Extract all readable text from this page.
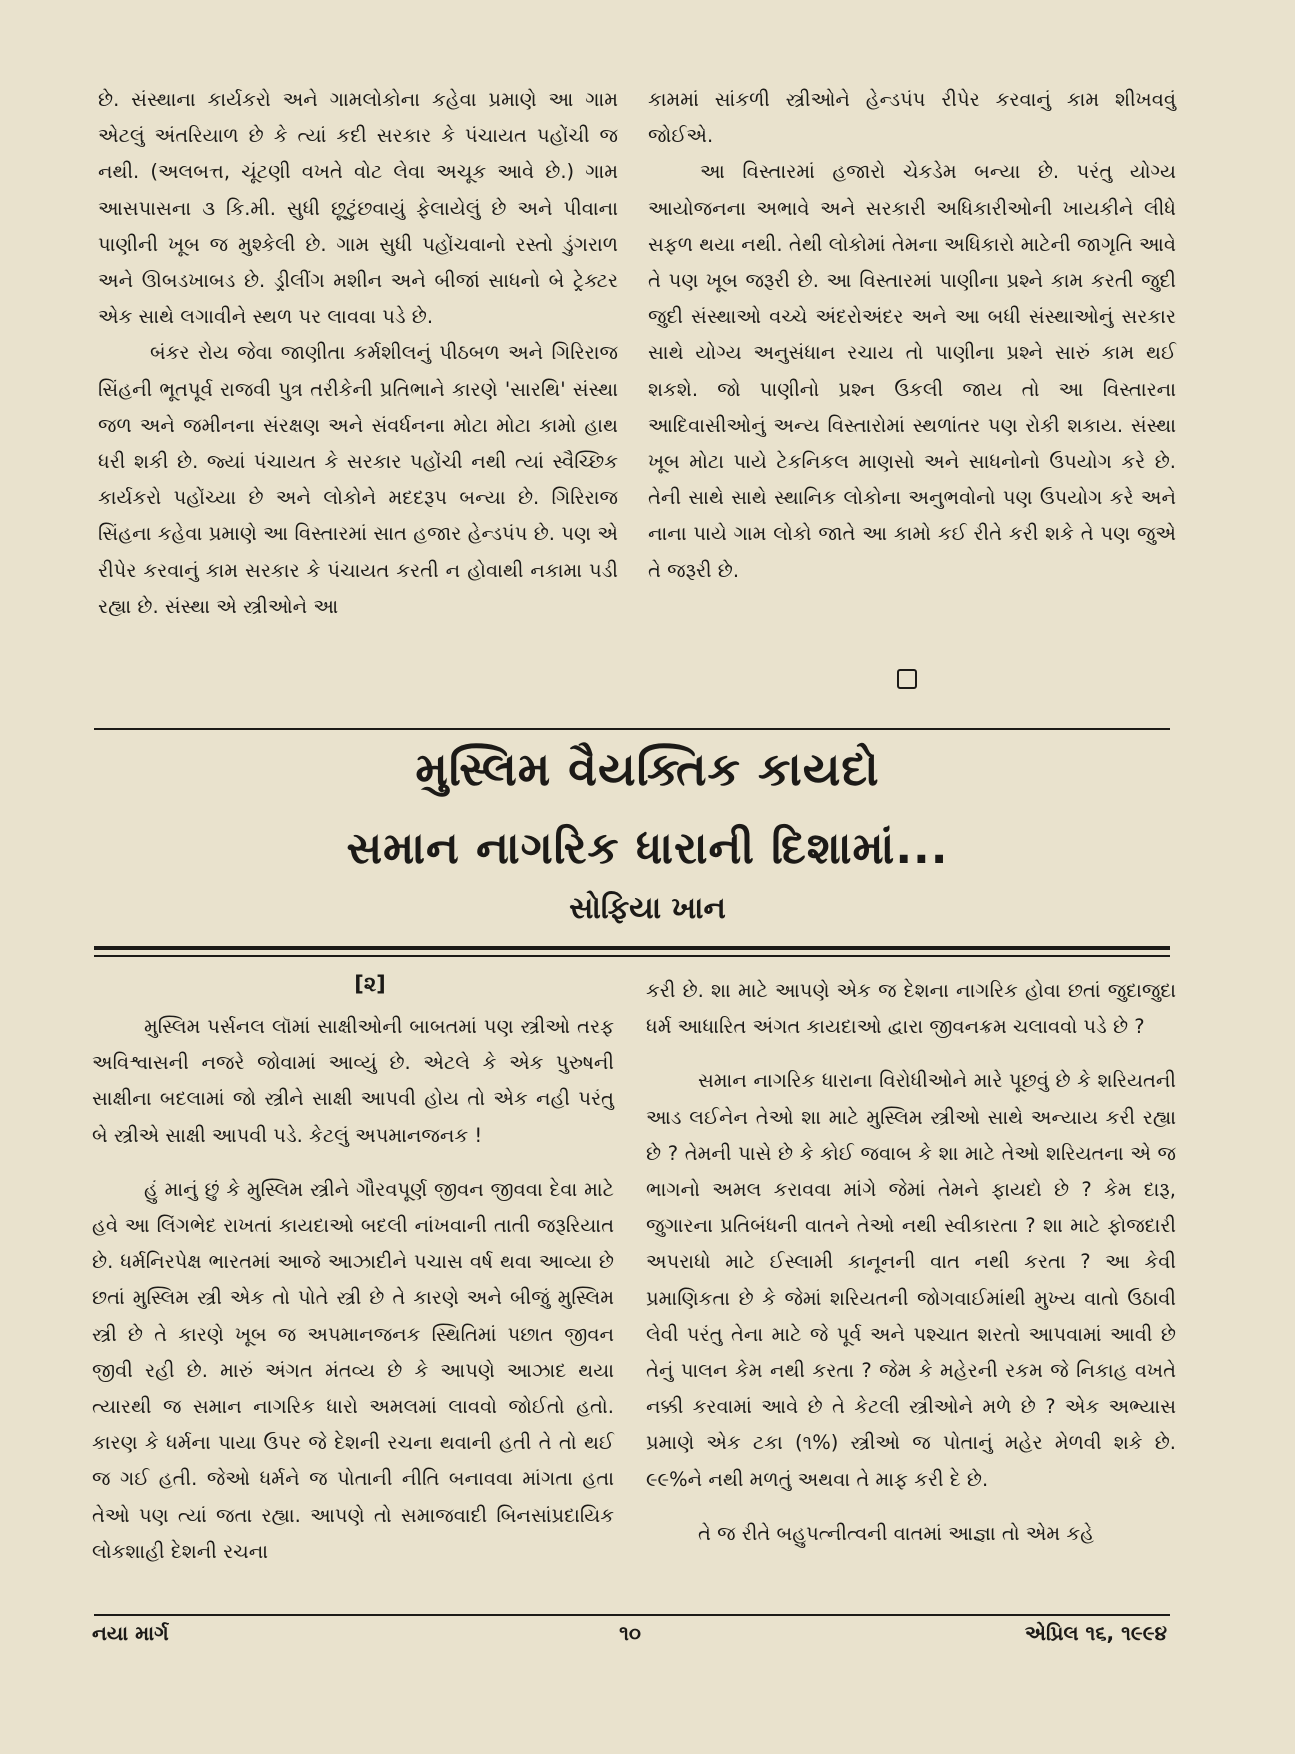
છે. સંસ્થાના કાર્યકરો અને ગામલોકોના કહેવા પ્રમાણે આ ગામ એટલું અંતરિયાળ છે કે ત્યાં કદી સરકાર કે પંચાયત પહોંચી જ નથી. (અલબત્ત, ચૂંટણી વખતે વોટ લેવા અચૂક આવે છે.) ગામ આસપાસના ૩ કિ.મી. સુધી છૂટુંછવાયું ફેલાયેલું છે અને પીવાના પાણીની ખૂબ જ મુશ્કેલી છે. ગામ સુધી પહોંચવાનો રસ્તો ડુંગરાળ અને ઊબડખાબડ છે. ડ્રીલીંગ મશીન અને બીજાં સાધનો બે ટ્રેક્ટર એક સાથે લગાવીને સ્થળ પર લાવવા પડે છે.

બંકર રોય જેવા જાણીતા કર્મશીલનું પીઠબળ અને ગિરિરાજ સિંહની ભૂતપૂર્વ રાજવી પુત્ર તરીકેની પ્રતિભાને કારણે 'સારથિ' સંસ્થા જળ અને જમીનના સંરક્ષણ અને સંવર્ધનના મોટા મોટા કામો હાથ ધરી શકી છે. જ્યાં પંચાયત કે સરકાર પહોંચી નથી ત્યાં સ્વૈચ્છિક કાર્યકરો પહોંચ્યા છે અને લોકોને મદદરૂપ બન્યા છે. ગિરિરાજ સિંહના કહેવા પ્રમાણે આ વિસ્તારમાં સાત હજાર હેન્ડપંપ છે. પણ એ રીપેર કરવાનું કામ સરકાર કે પંચાયત કરતી ન હોવાથી નકામા પડી રહ્યા છે. સંસ્થા એ સ્ત્રીઓને આ

કામમાં સાંકળી સ્ત્રીઓને હેન્ડપંપ રીપેર કરવાનું કામ શીખવવું જોઈએ.

આ વિસ્તારમાં હજારો ચેકડેમ બન્યા છે. પરંતુ યોગ્ય આયોજનના અભાવે અને સરકારી અધિકારીઓની ખાયકીને લીધે સફળ થયા નથી. તેથી લોકોમાં તેમના અધિકારો માટેની જાગૃતિ આવે તે પણ ખૂબ જરૂરી છે. આ વિસ્તારમાં પાણીના પ્રશ્ને કામ કરતી જુદી જુદી સંસ્થાઓ વચ્ચે અંદરોઅંદર અને આ બધી સંસ્થાઓનું સરકાર સાથે યોગ્ય અનુસંધાન રચાય તો પાણીના પ્રશ્ને સારું કામ થઈ શકશે. જો પાણીનો પ્રશ્ન ઉકલી જાય તો આ વિસ્તારના આદિવાસીઓનું અન્ય વિસ્તારોમાં સ્થળાંતર પણ રોકી શકાય. સંસ્થા ખૂબ મોટા પાયે ટેકનિકલ માણસો અને સાધનોનો ઉપયોગ કરે છે. તેની સાથે સાથે સ્થાનિક લોકોના અનુભવોનો પણ ઉપયોગ કરે અને નાના પાયે ગામ લોકો જાતે આ કામો કઈ રીતે કરી શકે તે પણ જુએ તે જરૂરી છે.

મુસ્લિમ વૈયક્તિક કાયદો
સમાન નાગરિક ધારાની દિશામાં...
સોફિયા ખાન
[૨]

મુસ્લિમ પર્સનલ લૉમાં સાક્ષીઓની બાબતમાં પણ સ્ત્રીઓ તરફ અવિશ્વાસની નજરે જોવામાં આવ્યું છે. એટલે કે એક પુરુષની સાક્ષીના બદલામાં જો સ્ત્રીને સાક્ષી આપવી હોય તો એક નહી પરંતુ બે સ્ત્રીએ સાક્ષી આપવી પડે. કેટલું અપમાનજનક !

હું માનું છું કે મુસ્લિમ સ્ત્રીને ગૌરવપૂર્ણ જીવન જીવવા દેવા માટે હવે આ લિંગભેદ રાખતાં કાયદાઓ બદલી નાંખવાની તાતી જરૂરિયાત છે. ધર્મનિરપેક્ષ ભારતમાં આજે આઝાદીને પચાસ વર્ષ થવા આવ્યા છે છતાં મુસ્લિમ સ્ત્રી એક તો પોતે સ્ત્રી છે તે કારણે અને બીજું મુસ્લિમ સ્ત્રી છે તે કારણે ખૂબ જ અપમાનજનક સ્થિતિમાં પછાત જીવન જીવી રહી છે. મારું અંગત મંતવ્ય છે કે આપણે આઝાદ થયા ત્યારથી જ સમાન નાગરિક ધારો અમલમાં લાવવો જોઈતો હતો. કારણ કે ધર્મના પાયા ઉપર જે દેશની રચના થવાની હતી તે તો થઈ જ ગઈ હતી. જેઓ ધર્મને જ પોતાની નીતિ બનાવવા માંગતા હતા તેઓ પણ ત્યાં જતા રહ્યા. આપણે તો સમાજવાદી બિનસાંપ્રદાયિક લોકશાહી દેશની રચના

કરી છે. શા માટે આપણે એક જ દેશના નાગરિક હોવા છતાં જુદાજુદા ધર્મ આધારિત અંગત કાયદાઓ દ્વારા જીવનક્રમ ચલાવવો પડે છે ?

સમાન નાગરિક ધારાના વિરોધીઓને મારે પૂછવું છે કે શરિયતની આડ લઈનેન તેઓ શા માટે મુસ્લિમ સ્ત્રીઓ સાથે અન્યાય કરી રહ્યા છે ? તેમની પાસે છે કે કોઈ જવાબ કે શા માટે તેઓ શરિયતના એ જ ભાગનો અમલ કરાવવા માંગે જેમાં તેમને ફાયદો છે ? કેમ દારૂ, જુગારના પ્રતિબંધની વાતને તેઓ નથી સ્વીકારતા ? શા માટે ફોજદારી અપરાધો માટે ઈસ્લામી કાનૂનની વાત નથી કરતા ? આ કેવી પ્રમાણિકતા છે કે જેમાં શરિયતની જોગવાઈમાંથી મુખ્ય વાતો ઉઠાવી લેવી પરંતુ તેના માટે જે પૂર્વ અને પશ્ચાત શરતો આપવામાં આવી છે તેનું પાલન કેમ નથી કરતા ? જેમ કે મહેરની રકમ જે નિકાહ વખતે નક્કી કરવામાં આવે છે તે કેટલી સ્ત્રીઓને મળે છે ? એક અભ્યાસ પ્રમાણે એક ટકા (૧%) સ્ત્રીઓ જ પોતાનું મહેર મેળવી શકે છે. ૯૯%ને નથી મળતું અથવા તે માફ કરી દે છે.

તે જ રીતે બહુપત્નીત્વની વાતમાં આજ્ઞા તો એમ કહે

નયા માર્ગ	૧૦	એપ્રિલ ૧૬, ૧૯૯૪
